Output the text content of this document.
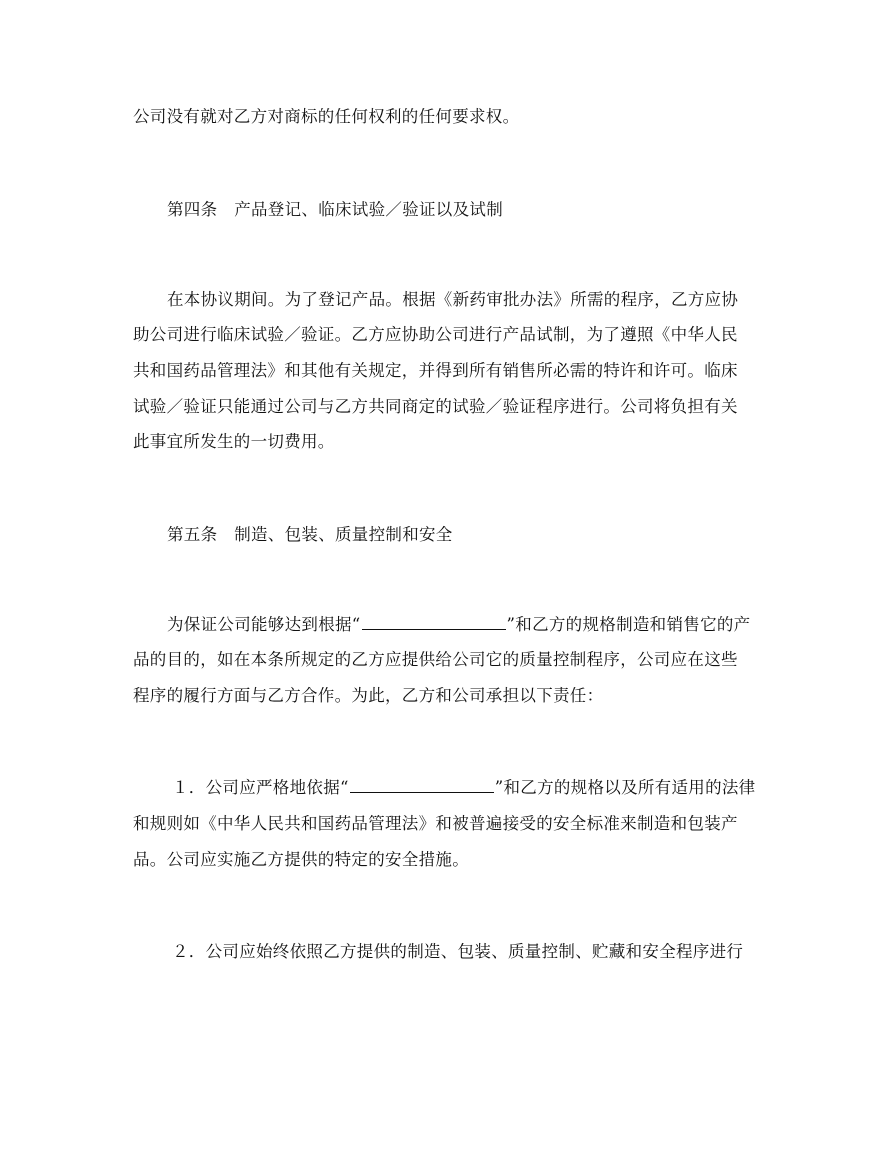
公司没有就对乙方对商标的任何权利的任何要求权。
第四条　产品登记、临床试验／验证以及试制
在本协议期间。为了登记产品。根据《新药审批办法》所需的程序，乙方应协
助公司进行临床试验／验证。乙方应协助公司进行产品试制，为了遵照《中华人民
共和国药品管理法》和其他有关规定，并得到所有销售所必需的特许和许可。临床
试验／验证只能通过公司与乙方共同商定的试验／验证程序进行。公司将负担有关
此事宜所发生的一切费用。
第五条　制造、包装、质量控制和安全
为保证公司能够达到根据“	”和乙方的规格制造和销售它的产
品的目的，如在本条所规定的乙方应提供给公司它的质量控制程序，公司应在这些
程序的履行方面与乙方合作。为此，乙方和公司承担以下责任：
１．公司应严格地依据“	”和乙方的规格以及所有适用的法律
和规则如《中华人民共和国药品管理法》和被普遍接受的安全标准来制造和包装产
品。公司应实施乙方提供的特定的安全措施。
２．公司应始终依照乙方提供的制造、包装、质量控制、贮藏和安全程序进行
